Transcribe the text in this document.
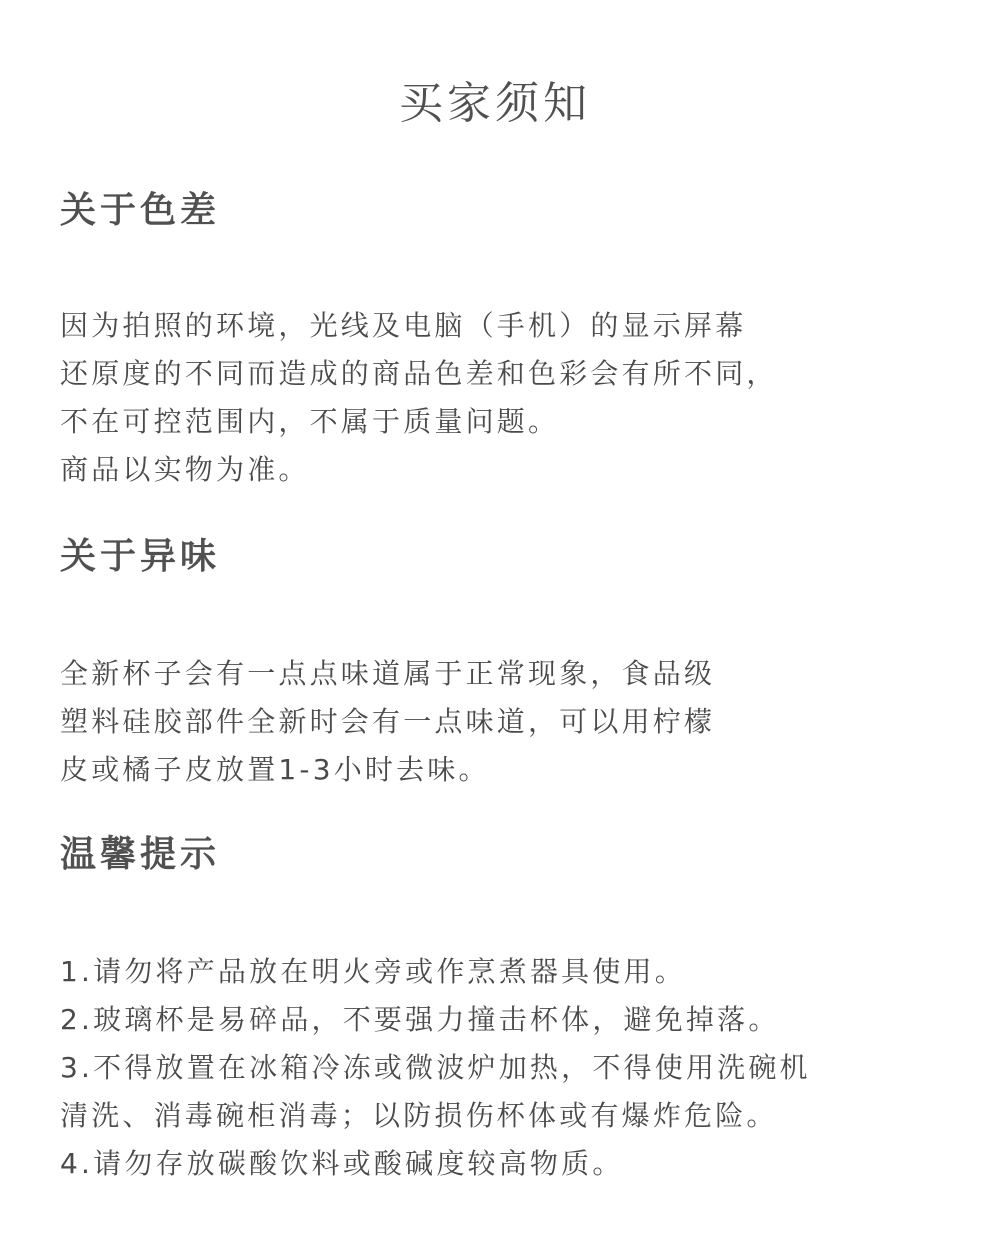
买家须知
关于色差
因为拍照的环境，光线及电脑（手机）的显示屏幕
还原度的不同而造成的商品色差和色彩会有所不同，
不在可控范围内，不属于质量问题。
商品以实物为准。
关于异味
全新杯子会有一点点味道属于正常现象，食品级
塑料硅胶部件全新时会有一点味道，可以用柠檬
皮或橘子皮放置1-3小时去味。
温馨提示
1.请勿将产品放在明火旁或作烹煮器具使用。
2.玻璃杯是易碎品，不要强力撞击杯体，避免掉落。
3.不得放置在冰箱冷冻或微波炉加热，不得使用洗碗机
清洗、消毒碗柜消毒；以防损伤杯体或有爆炸危险。
4.请勿存放碳酸饮料或酸碱度较高物质。
